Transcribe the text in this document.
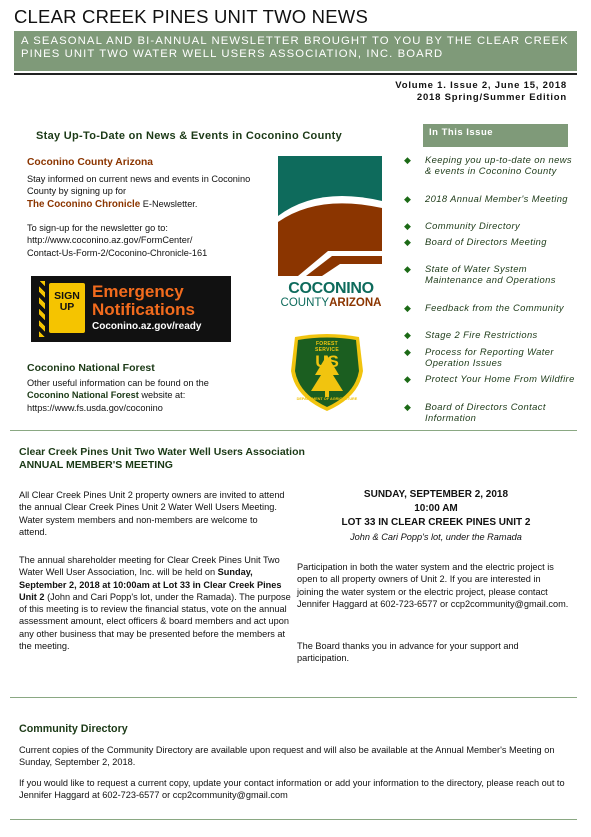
CLEAR CREEK PINES UNIT TWO NEWS
A SEASONAL AND BI-ANNUAL NEWSLETTER BROUGHT TO YOU BY THE CLEAR CREEK PINES UNIT TWO WATER WELL USERS ASSOCIATION, INC. BOARD
Volume 1. Issue 2, June 15, 2018
2018 Spring/Summer Edition
Stay Up-To-Date on News & Events in Coconino County
Coconino County Arizona
Stay informed on current news and events in Coconino County by signing up for
The Coconino Chronicle E-Newsletter.
To sign-up for the newsletter go to:
http://www.coconino.az.gov/FormCenter/
Contact-Us-Form-2/Coconino-Chronicle-161
SIGN
UP
Emergency
Notifications
Coconino.az.gov/ready
Coconino National Forest
Other useful information can be found on the
Coconino National Forest website at:
https://www.fs.usda.gov/coconino
COCONINO
COUNTYARIZONA
FOREST SERVICE
US
DEPARTMENT OF AGRICULTURE
In This Issue
◆ Keeping you up-to-date on news & events in Coconino County
◆ 2018 Annual Member's Meeting
◆ Community Directory
◆ Board of Directors Meeting
◆ State of Water System Maintenance and Operations
◆ Feedback from the Community
◆ Stage 2 Fire Restrictions
◆ Process for Reporting Water Operation Issues
◆ Protect Your Home From Wildfire
◆ Board of Directors Contact Information
Clear Creek Pines Unit Two Water Well Users Association
ANNUAL MEMBER'S MEETING
All Clear Creek Pines Unit 2 property owners are invited to attend the annual Clear Creek Pines Unit 2 Water Well Users Meeting. Water system members and non-members are welcome to attend.
The annual shareholder meeting for Clear Creek Pines Unit Two Water Well User Association, Inc. will be held on Sunday, September 2, 2018 at 10:00am at Lot 33 in Clear Creek Pines Unit 2 (John and Cari Popp's lot, under the Ramada). The purpose of this meeting is to review the financial status, vote on the annual assessment amount, elect officers & board members and act upon any other business that may be presented before the members at the meeting.
SUNDAY, SEPTEMBER 2, 2018
10:00 AM
LOT 33 IN CLEAR CREEK PINES UNIT 2
John & Cari Popp's lot, under the Ramada
Participation in both the water system and the electric project is open to all property owners of Unit 2. If you are interested in joining the water system or the electric project, please contact Jennifer Haggard at 602-723-6577 or ccp2community@gmail.com.
The Board thanks you in advance for your support and participation.
Community Directory
Current copies of the Community Directory are available upon request and will also be available at the Annual Member's Meeting on Sunday, September 2, 2018.
If you would like to request a current copy, update your contact information or add your information to the directory, please reach out to Jennifer Haggard at 602-723-6577 or ccp2community@gmail.com
